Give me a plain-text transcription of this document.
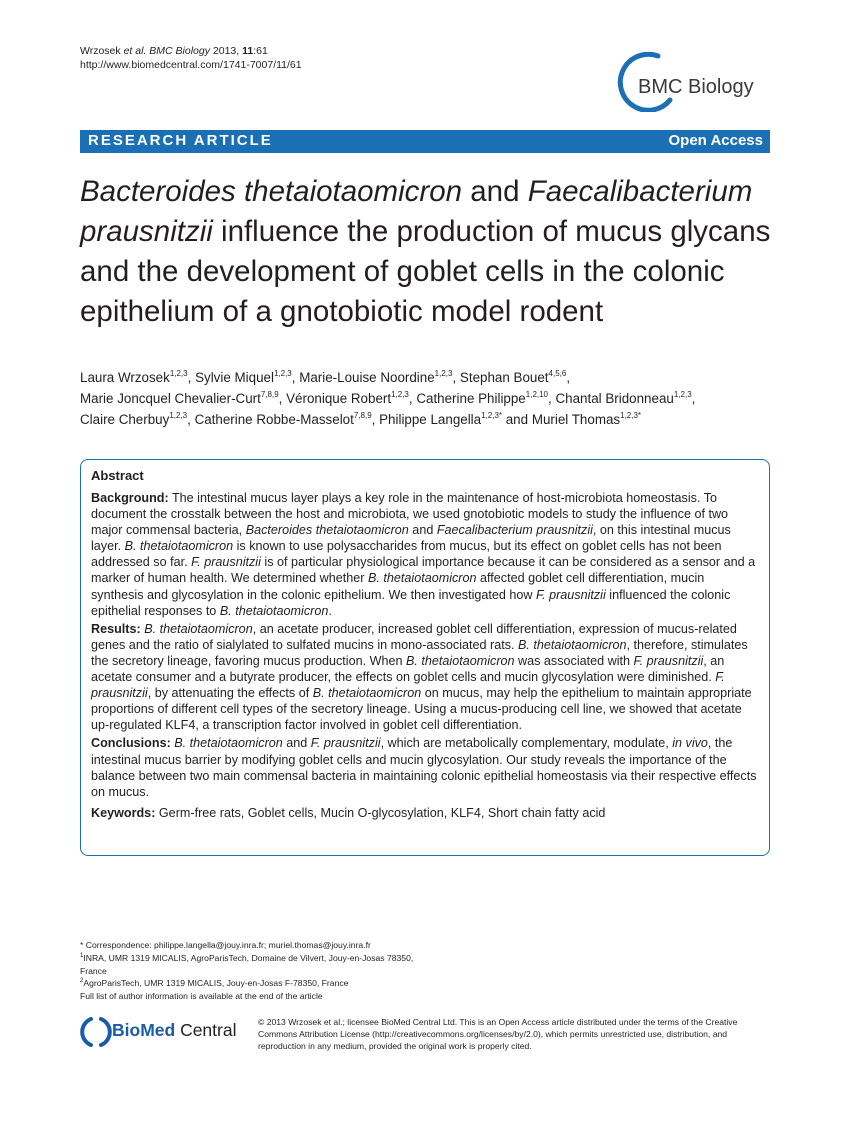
Wrzosek et al. BMC Biology 2013, 11:61
http://www.biomedcentral.com/1741-7007/11/61
BMC Biology
RESEARCH ARTICLE	Open Access
Bacteroides thetaiotaomicron and Faecalibacterium prausnitzii influence the production of mucus glycans and the development of goblet cells in the colonic epithelium of a gnotobiotic model rodent
Laura Wrzosek$^{1,2,3}$, Sylvie Miquel$^{1,2,3}$, Marie-Louise Noordine$^{1,2,3}$, Stephan Bouet$^{4,5,6}$,
Marie Joncquel Chevalier-Curt$^{7,8,9}$, Véronique Robert$^{1,2,3}$, Catherine Philippe$^{1,2,10}$, Chantal Bridonneau$^{1,2,3}$,
Claire Cherbuy$^{1,2,3}$, Catherine Robbe-Masselot$^{7,8,9}$, Philippe Langella$^{1,2,3*}$ and Muriel Thomas$^{1,2,3*}$
Abstract

Background: The intestinal mucus layer plays a key role in the maintenance of host-microbiota homeostasis. To document the crosstalk between the host and microbiota, we used gnotobiotic models to study the influence of two major commensal bacteria, Bacteroides thetaiotaomicron and Faecalibacterium prausnitzii, on this intestinal mucus layer. B. thetaiotaomicron is known to use polysaccharides from mucus, but its effect on goblet cells has not been addressed so far. F. prausnitzii is of particular physiological importance because it can be considered as a sensor and a marker of human health. We determined whether B. thetaiotaomicron affected goblet cell differentiation, mucin synthesis and glycosylation in the colonic epithelium. We then investigated how F. prausnitzii influenced the colonic epithelial responses to B. thetaiotaomicron.

Results: B. thetaiotaomicron, an acetate producer, increased goblet cell differentiation, expression of mucus-related genes and the ratio of sialylated to sulfated mucins in mono-associated rats. B. thetaiotaomicron, therefore, stimulates the secretory lineage, favoring mucus production. When B. thetaiotaomicron was associated with F. prausnitzii, an acetate consumer and a butyrate producer, the effects on goblet cells and mucin glycosylation were diminished. F. prausnitzii, by attenuating the effects of B. thetaiotaomicron on mucus, may help the epithelium to maintain appropriate proportions of different cell types of the secretory lineage. Using a mucus-producing cell line, we showed that acetate up-regulated KLF4, a transcription factor involved in goblet cell differentiation.

Conclusions: B. thetaiotaomicron and F. prausnitzii, which are metabolically complementary, modulate, in vivo, the intestinal mucus barrier by modifying goblet cells and mucin glycosylation. Our study reveals the importance of the balance between two main commensal bacteria in maintaining colonic epithelial homeostasis via their respective effects on mucus.

Keywords: Germ-free rats, Goblet cells, Mucin O-glycosylation, KLF4, Short chain fatty acid

* Correspondence: philippe.langella@jouy.inra.fr; muriel.thomas@jouy.inra.fr
$^1$INRA, UMR 1319 MICALIS, AgroParisTech, Domaine de Vilvert, Jouy-en-Josas 78350, France
$^2$AgroParisTech, UMR 1319 MICALIS, Jouy-en-Josas F-78350, France
Full list of author information is available at the end of the article
BioMed Central	© 2013 Wrzosek et al.; licensee BioMed Central Ltd. This is an Open Access article distributed under the terms of the Creative Commons Attribution License (http://creativecommons.org/licenses/by/2.0), which permits unrestricted use, distribution, and reproduction in any medium, provided the original work is properly cited.
